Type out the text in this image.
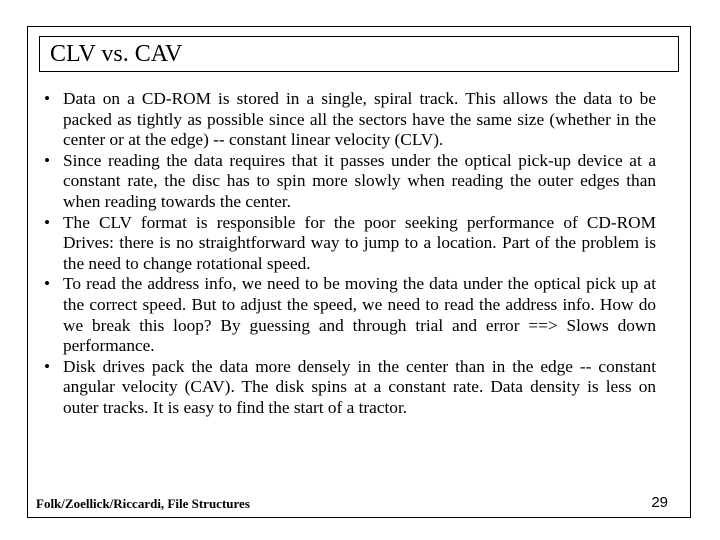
CLV vs. CAV
• Data on a CD-ROM is stored in a single, spiral track. This allows the data to be packed as tightly as possible since all the sectors have the same size (whether in the center or at the edge) -- constant linear velocity (CLV).
• Since reading the data requires that it passes under the optical pick-up device at a constant rate, the disc has to spin more slowly when reading the outer edges than when reading towards the center.
• The CLV format is responsible for the poor seeking performance of CD-ROM Drives: there is no straightforward way to jump to a location. Part of the problem is the need to change rotational speed.
• To read the address info, we need to be moving the data under the optical pick up at the correct speed. But to adjust the speed, we need to read the address info. How do we break this loop? By guessing and through trial and error ==> Slows down performance.
• Disk drives pack the data more densely in the center than in the edge -- constant angular velocity (CAV). The disk spins at a constant rate. Data density is less on outer tracks. It is easy to find the start of a tractor.
Folk/Zoellick/Riccardi, File Structures	29
